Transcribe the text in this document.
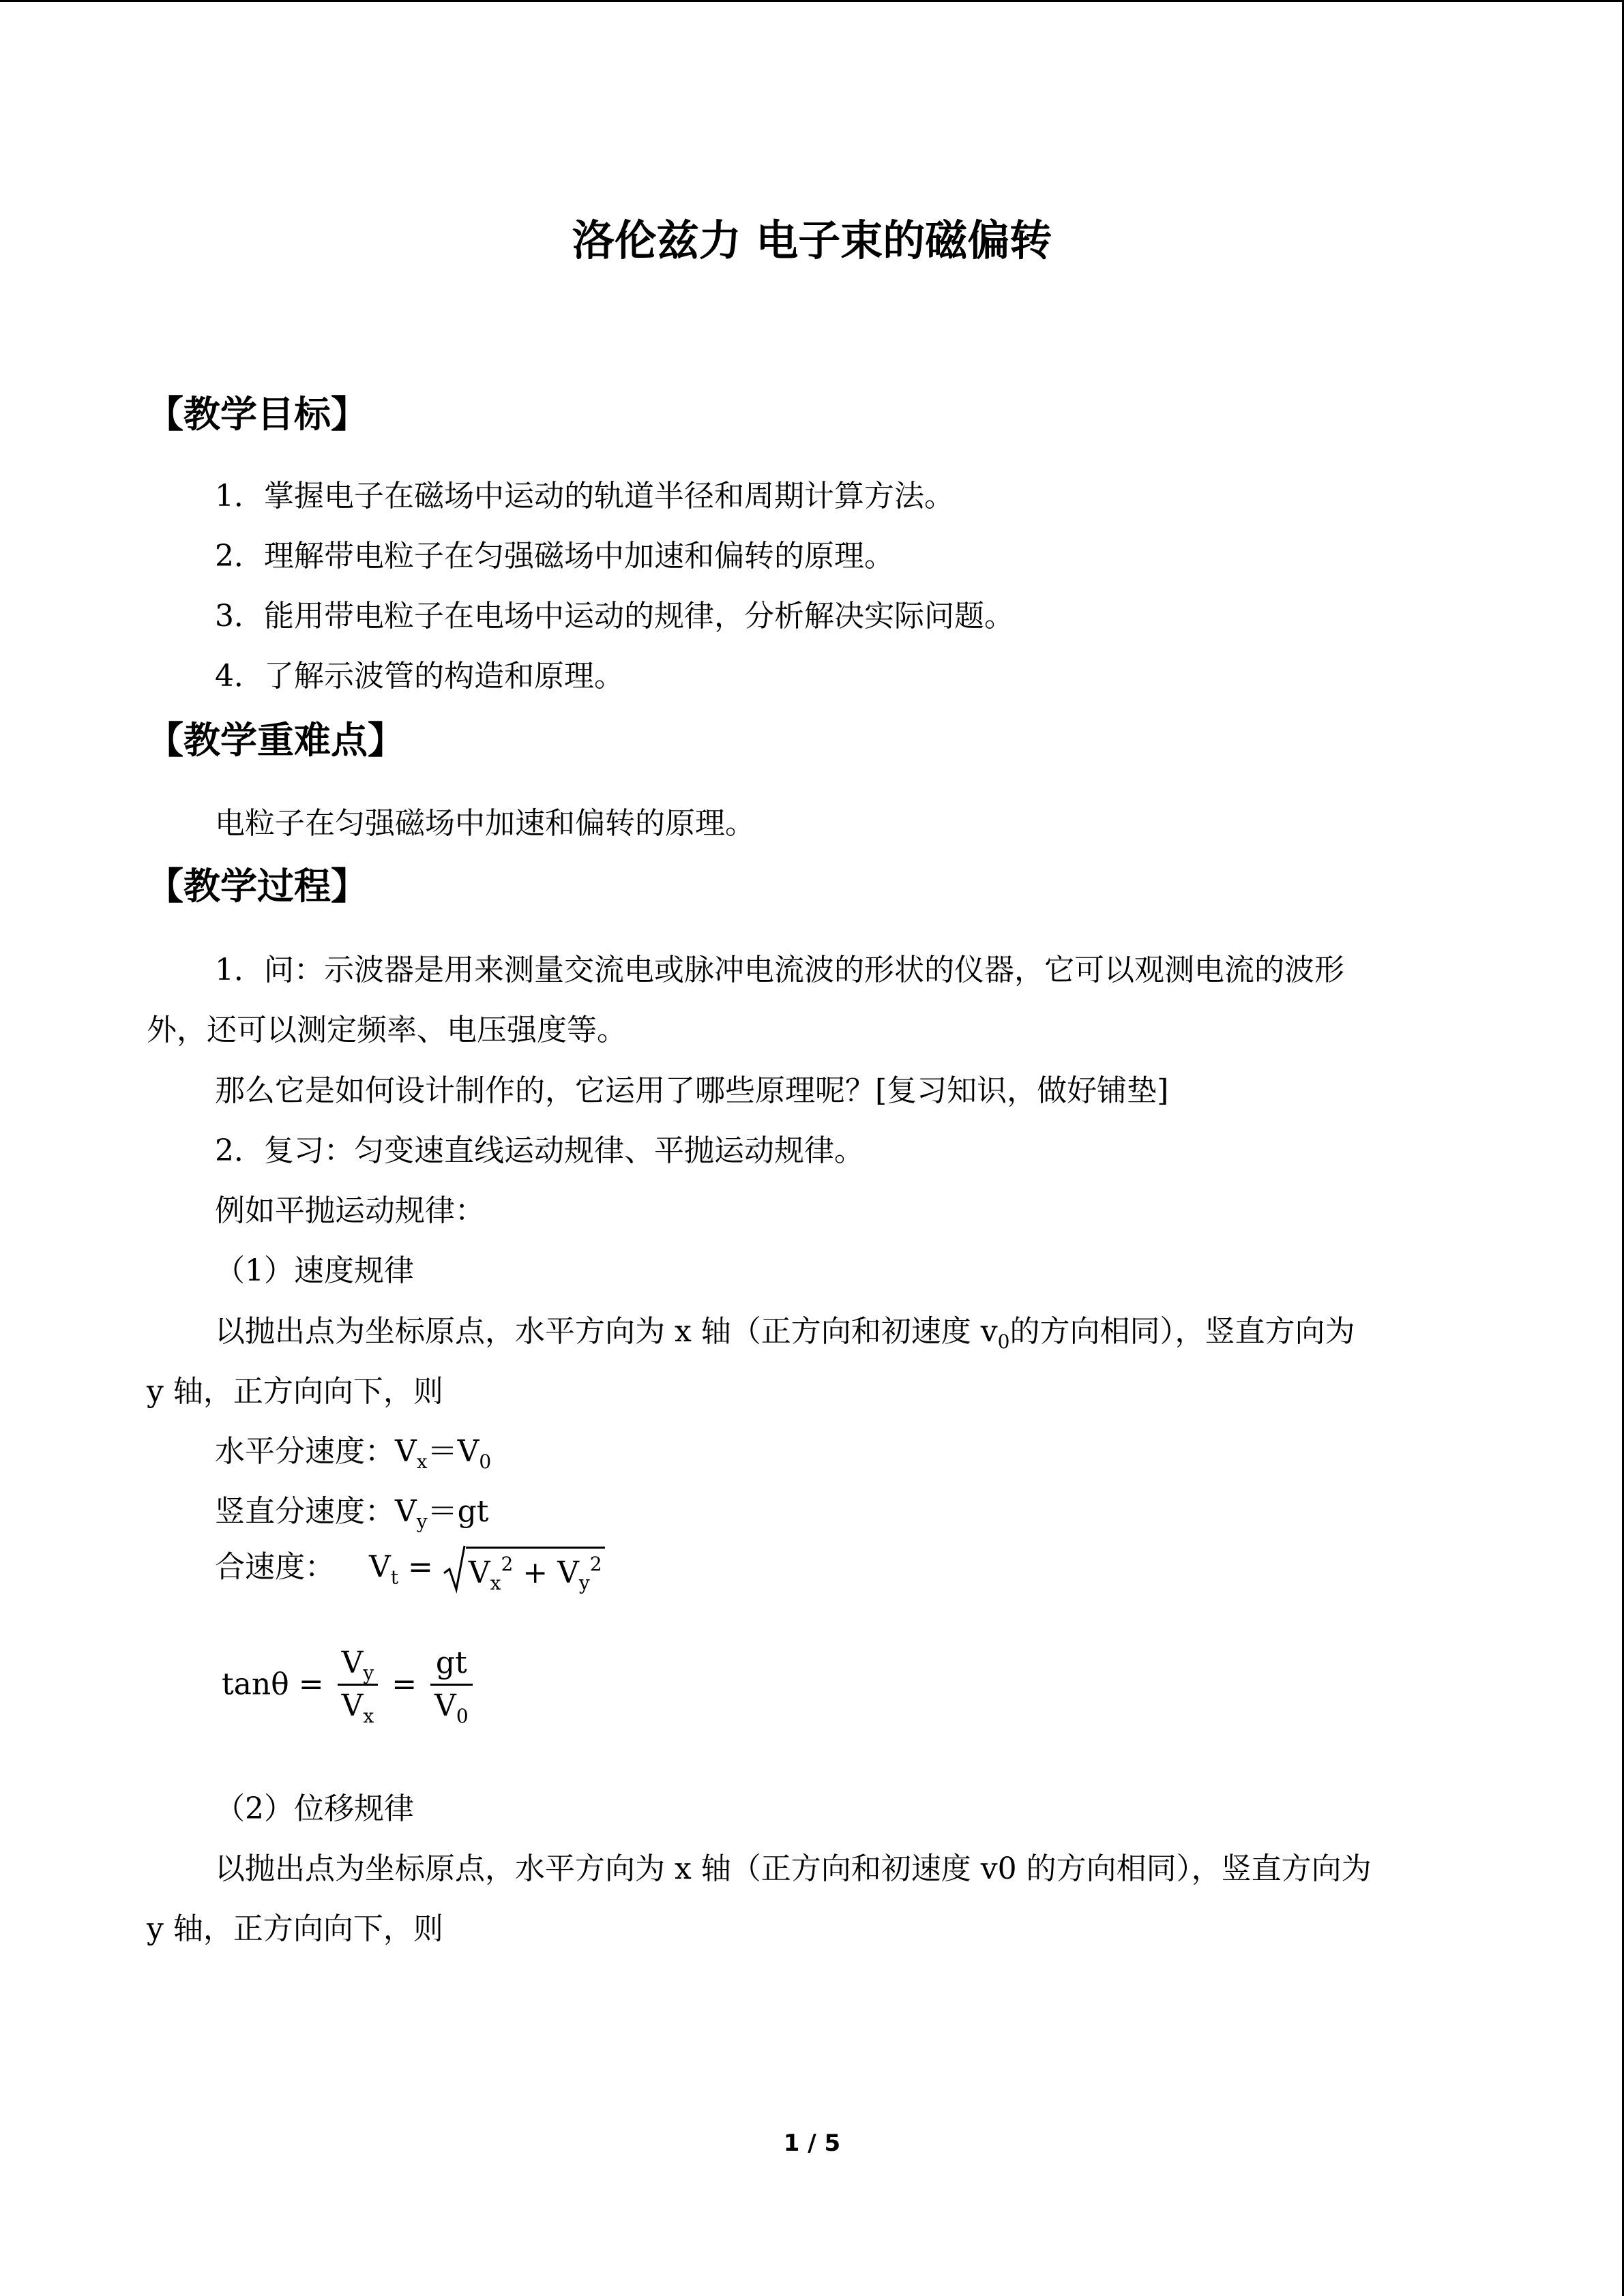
洛伦兹力 电子束的磁偏转
【教学目标】
1．掌握电子在磁场中运动的轨道半径和周期计算方法。
2．理解带电粒子在匀强磁场中加速和偏转的原理。
3．能用带电粒子在电场中运动的规律，分析解决实际问题。
4．了解示波管的构造和原理。
【教学重难点】
电粒子在匀强磁场中加速和偏转的原理。
【教学过程】
1．问：示波器是用来测量交流电或脉冲电流波的形状的仪器，它可以观测电流的波形
外，还可以测定频率、电压强度等。
那么它是如何设计制作的，它运用了哪些原理呢？[复习知识，做好铺垫]
2．复习：匀变速直线运动规律、平抛运动规律。
例如平抛运动规律：
（1）速度规律
以抛出点为坐标原点，水平方向为 x 轴（正方向和初速度 $v_0$的方向相同），竖直方向为
y 轴，正方向向下，则
水平分速度：$V_x=V_0$
竖直分速度：$V_y=gt$
合速度： $V_t = V_x^2 + V_y^2$
$\tan\theta = \frac{V_y}{V_x} = \frac{gt}{V_0}$
（2）位移规律
以抛出点为坐标原点，水平方向为 x 轴（正方向和初速度 v0 的方向相同），竖直方向为
y 轴，正方向向下，则
1 / 5
